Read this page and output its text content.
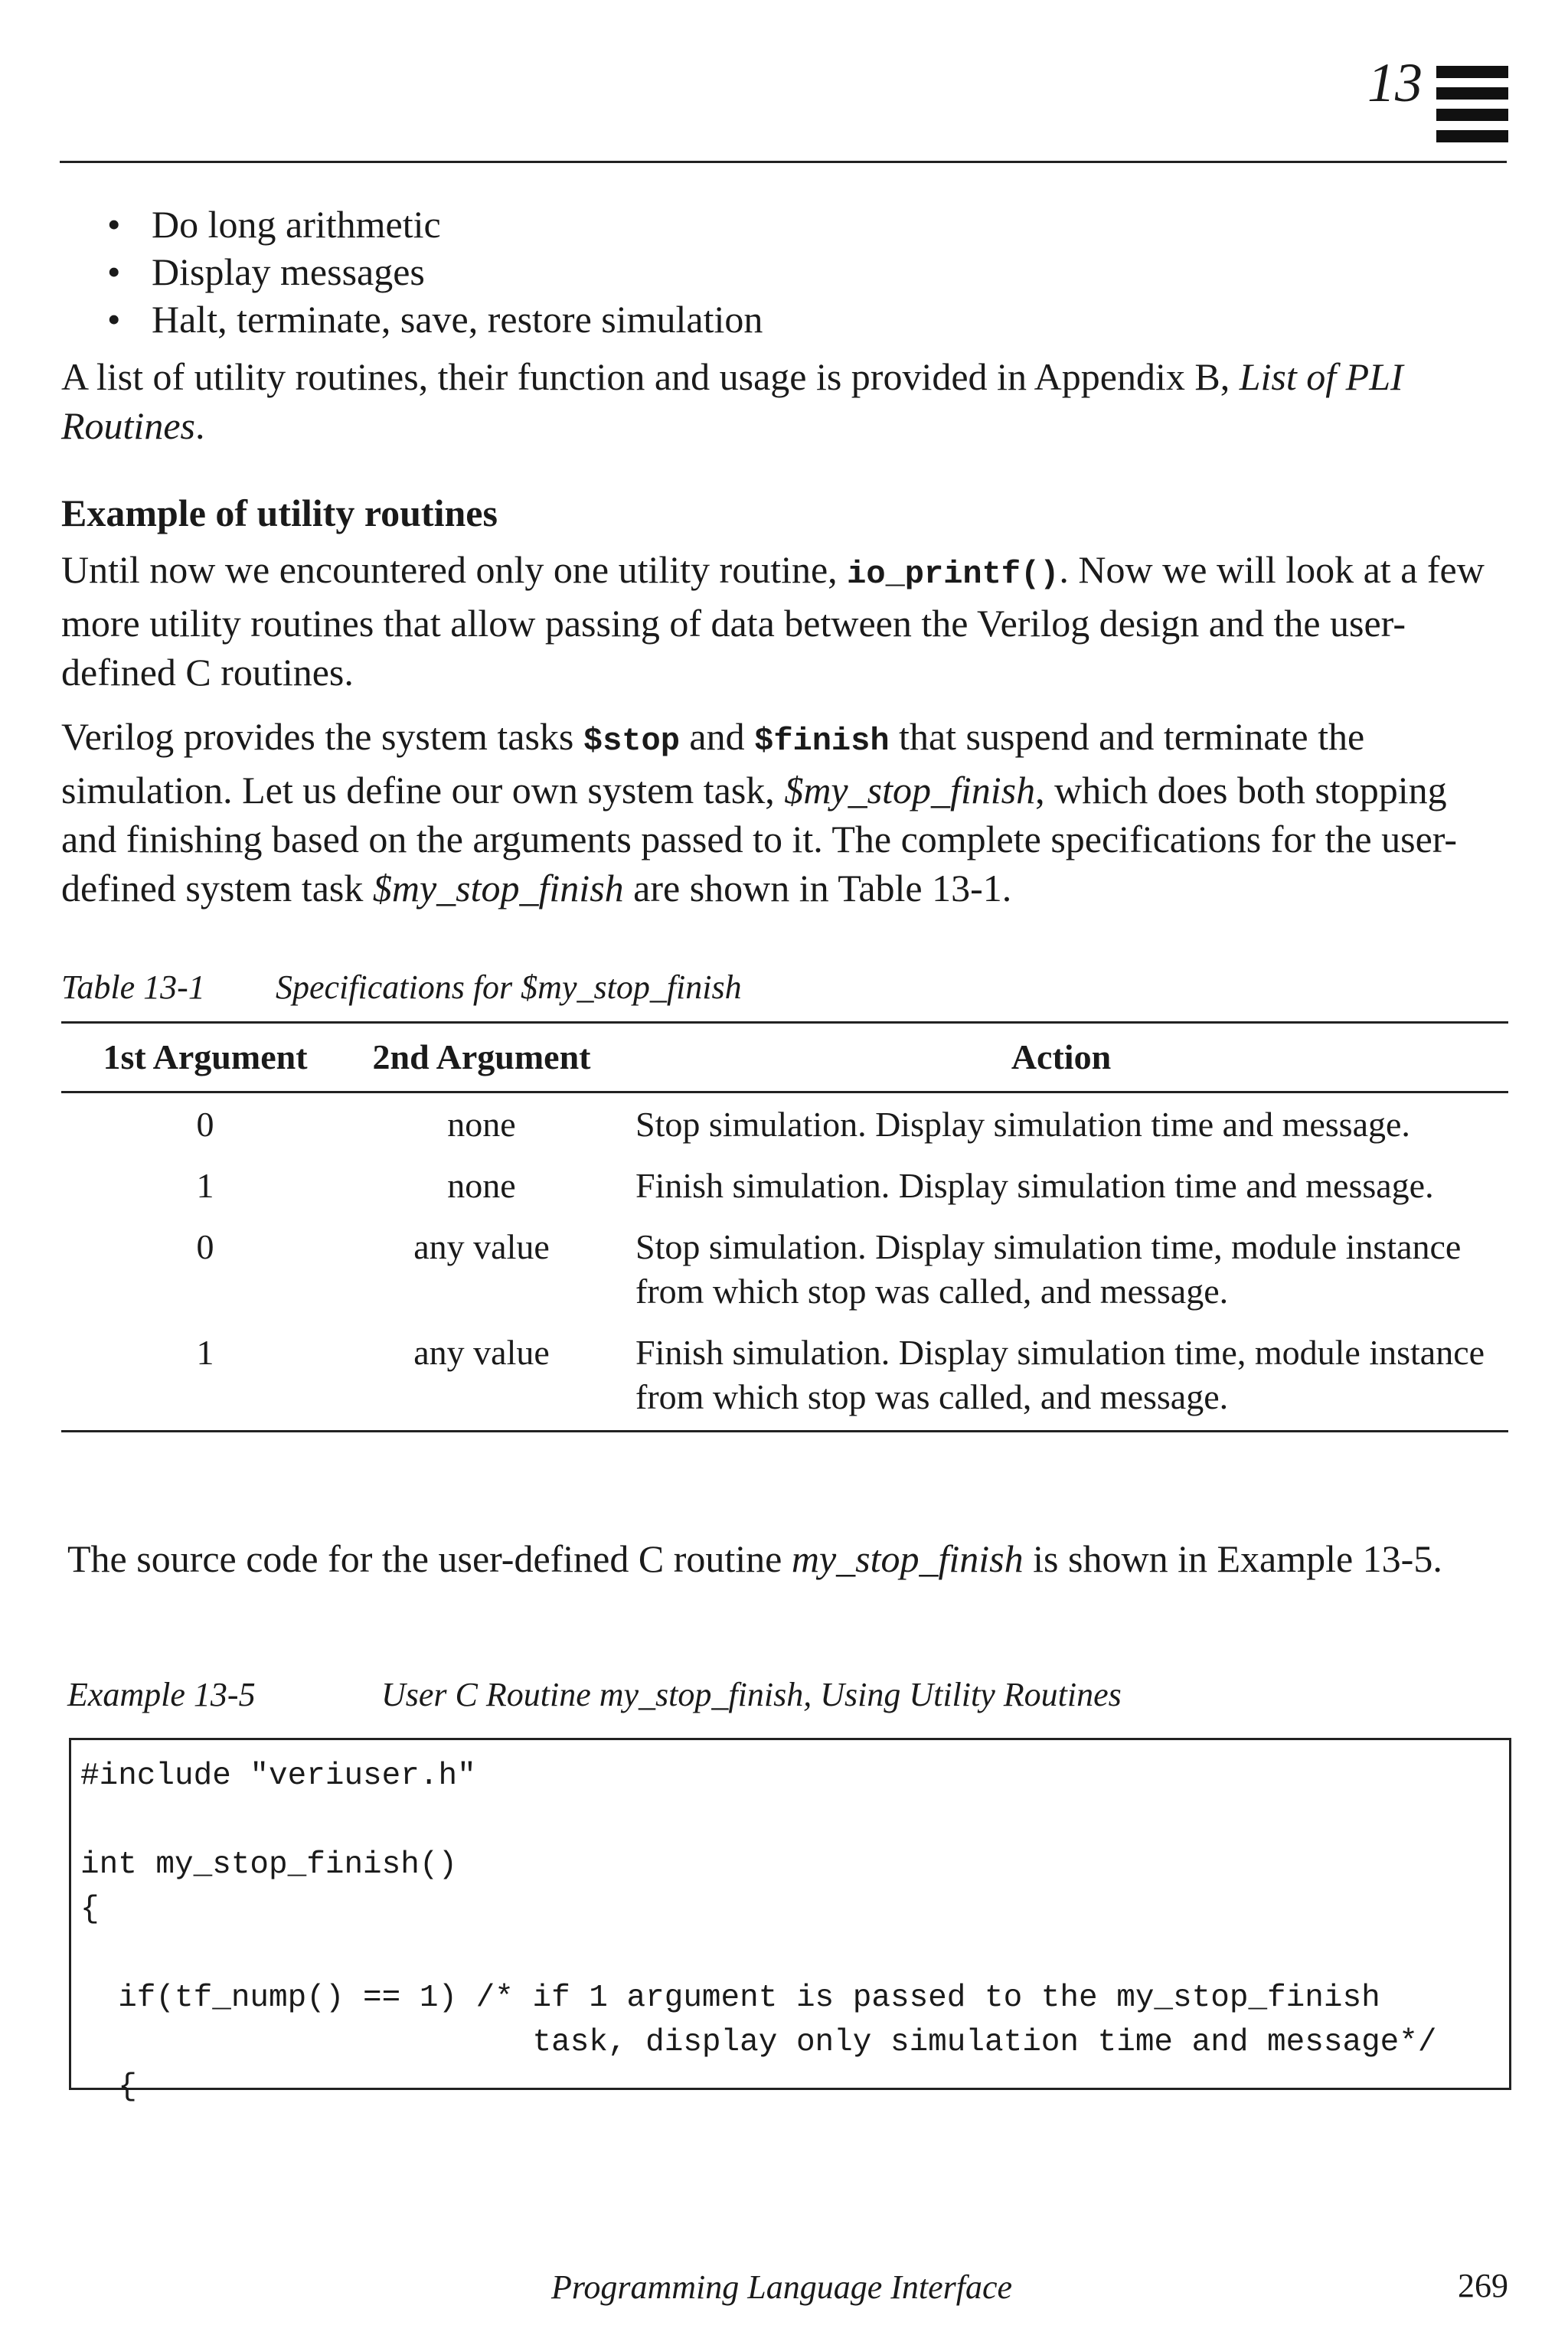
13
• Do long arithmetic
• Display messages
• Halt, terminate, save, restore simulation
A list of utility routines, their function and usage is provided in Appendix B, List of PLI Routines.
Example of utility routines
Until now we encountered only one utility routine, io_printf(). Now we will look at a few more utility routines that allow passing of data between the Verilog design and the user-defined C routines.
Verilog provides the system tasks $stop and $finish that suspend and terminate the simulation. Let us define our own system task, $my_stop_finish, which does both stopping and finishing based on the arguments passed to it. The complete specifications for the user-defined system task $my_stop_finish are shown in Table 13-1.
Table 13-1 Specifications for $my_stop_finish
1st Argument	2nd Argument	Action
0	none	Stop simulation. Display simulation time and message.
1	none	Finish simulation. Display simulation time and message.
0	any value	Stop simulation. Display simulation time, module instance from which stop was called, and message.
1	any value	Finish simulation. Display simulation time, module instance from which stop was called, and message.
The source code for the user-defined C routine my_stop_finish is shown in Example 13-5.
Example 13-5	User C Routine my_stop_finish, Using Utility Routines
#include "veriuser.h"

int my_stop_finish()
{

if(tf_nump() == 1) /* if 1 argument is passed to the my_stop_finish
task, display only simulation time and message*/
{
Programming Language Interface	269
